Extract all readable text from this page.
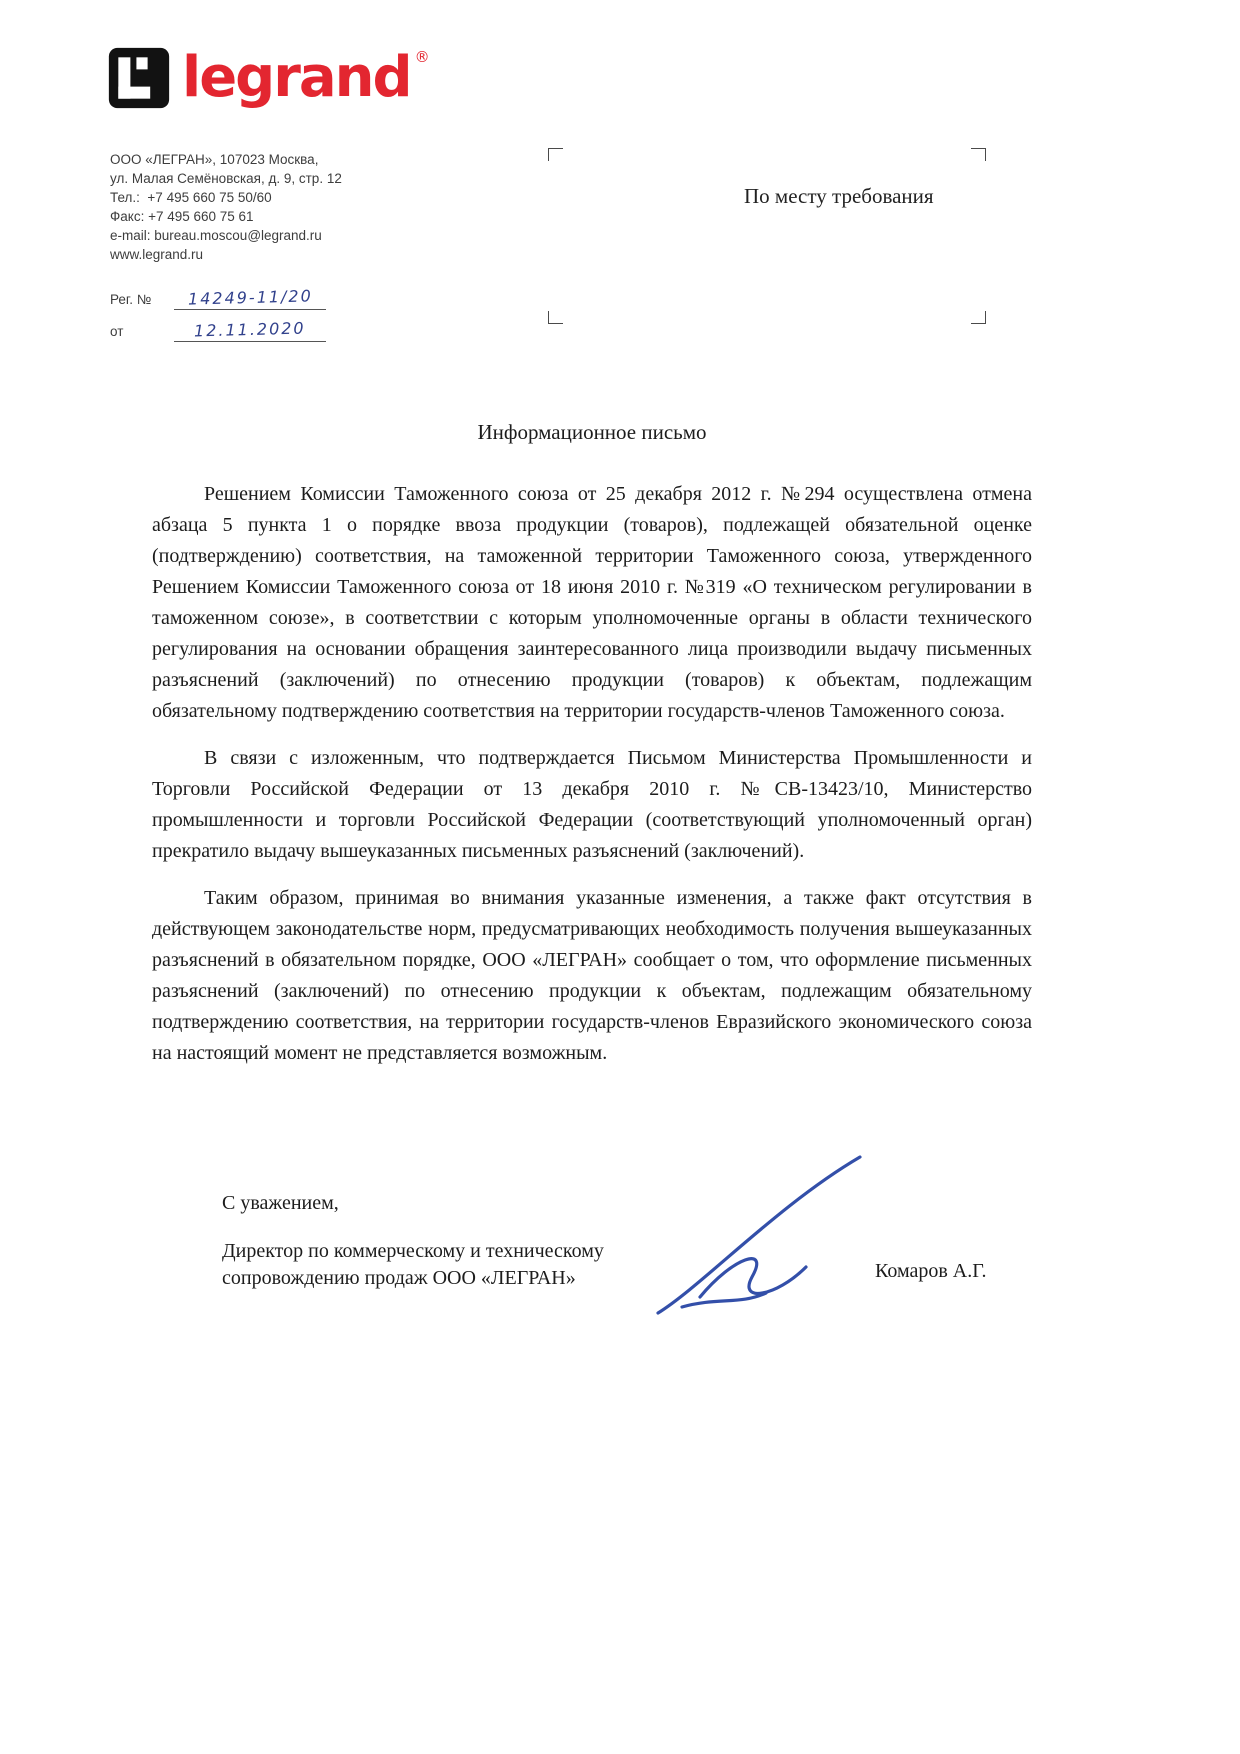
legrand ®
ООО «ЛЕГРАН», 107023 Москва,
ул. Малая Семёновская, д. 9, стр. 12
Тел.:  +7 495 660 75 50/60
Факс: +7 495 660 75 61
e-mail: bureau.moscou@legrand.ru
www.legrand.ru
По месту требования
Рег. № 14249-11/20
от	12.11.2020
Информационное письмо

Решением Комиссии Таможенного союза от 25 декабря 2012 г. №294 осуществлена отмена абзаца 5 пункта 1 о порядке ввоза продукции (товаров), подлежащей обязательной оценке (подтверждению) соответствия, на таможенной территории Таможенного союза, утвержденного Решением Комиссии Таможенного союза от 18 июня 2010 г. №319 «О техническом регулировании в таможенном союзе», в соответствии с которым уполномоченные органы в области технического регулирования на основании обращения заинтересованного лица производили выдачу письменных разъяснений (заключений) по отнесению продукции (товаров) к объектам, подлежащим обязательному подтверждению соответствия на территории государств-членов Таможенного союза.

В связи с изложенным, что подтверждается Письмом Министерства Промышленности и Торговли Российской Федерации от 13 декабря 2010 г. №СВ-13423/10, Министерство промышленности и торговли Российской Федерации (соответствующий уполномоченный орган) прекратило выдачу вышеуказанных письменных разъяснений (заключений).

Таким образом, принимая во внимания указанные изменения, а также факт отсутствия в действующем законодательстве норм, предусматривающих необходимость получения вышеуказанных разъяснений в обязательном порядке, ООО «ЛЕГРАН» сообщает о том, что оформление письменных разъяснений (заключений) по отнесению продукции к объектам, подлежащим обязательному подтверждению соответствия, на территории государств-членов Евразийского экономического союза на настоящий момент не представляется возможным.

С уважением,
Директор по коммерческому и техническому сопровождению продаж ООО «ЛЕГРАН»	Комаров А.Г.
